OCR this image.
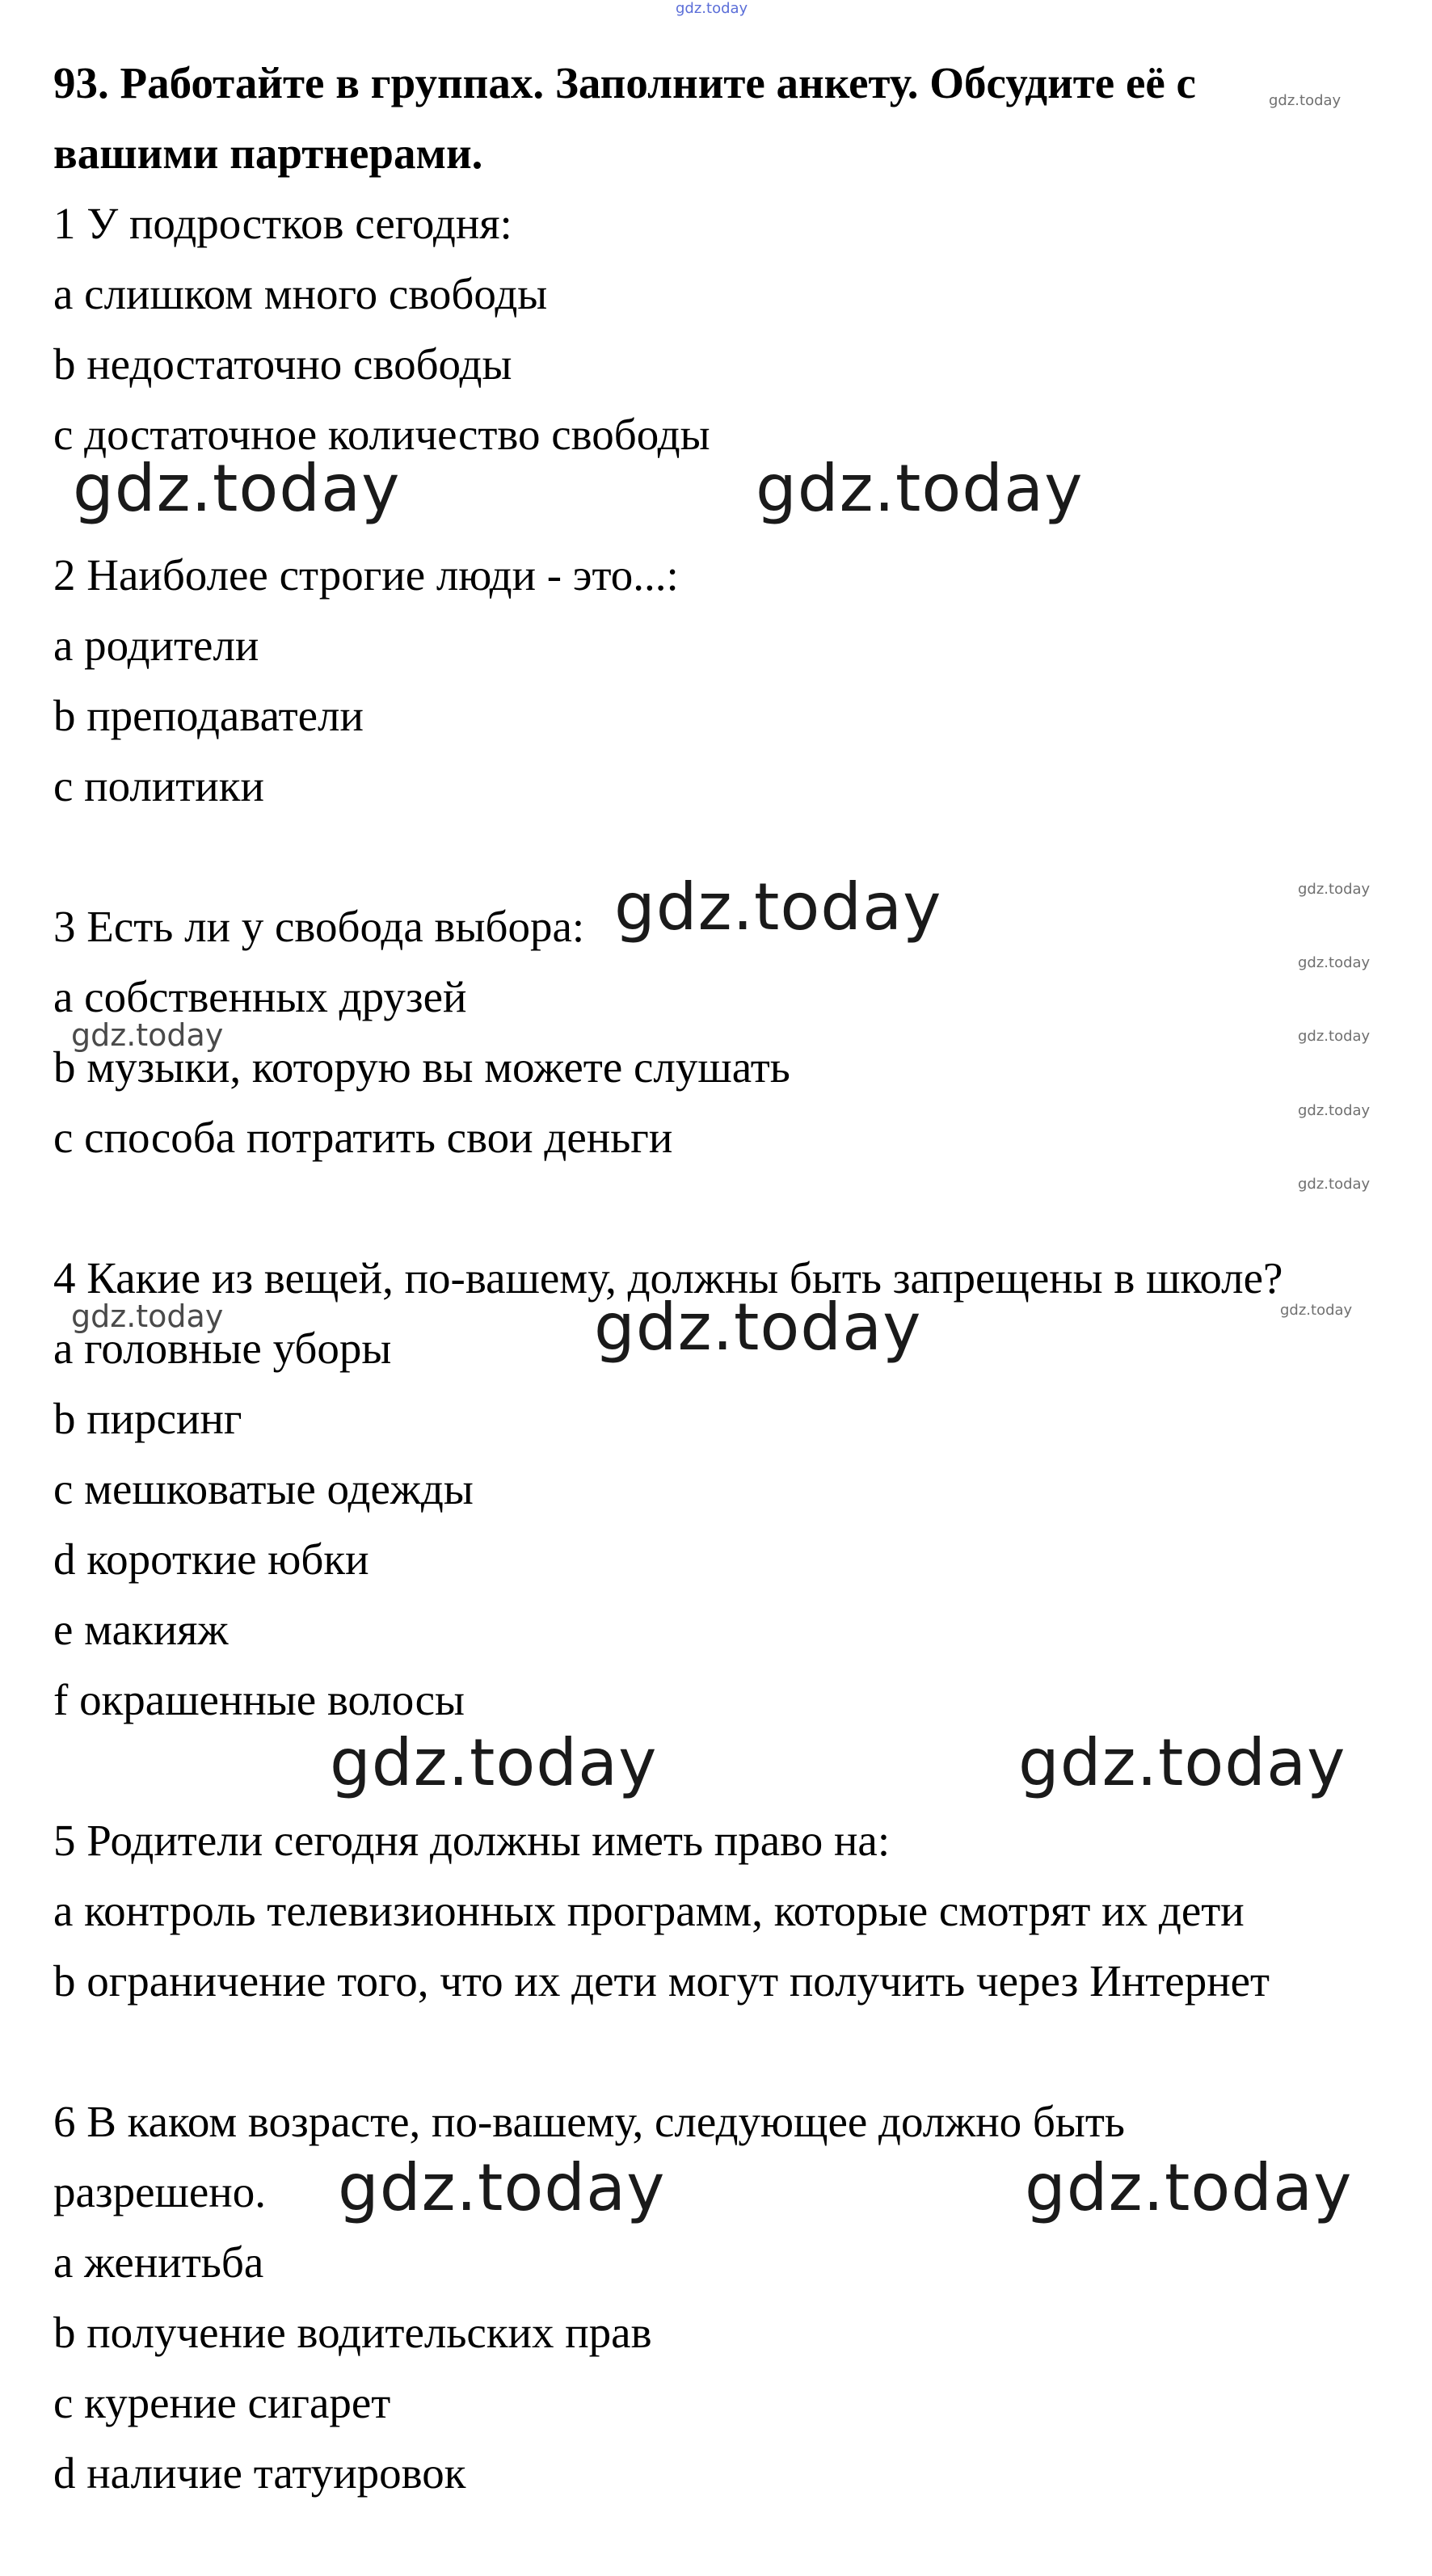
93. Работайте в группах. Заполните анкету. Обсудите её с
вашими партнерами.
1 У подростков сегодня:
а слишком много свободы
b недостаточно свободы
с достаточное количество свободы
2 Наиболее строгие люди - это...:
а родители
b преподаватели
с политики
3 Есть ли у свобода выбора:
а собственных друзей
b музыки, которую вы можете слушать
с способа потратить свои деньги
4 Какие из вещей, по-вашему, должны быть запрещены в школе?
а головные уборы
b пирсинг
с мешковатые одежды
d короткие юбки
е макияж
f окрашенные волосы
5 Родители сегодня должны иметь право на:
а контроль телевизионных программ, которые смотрят их дети
b ограничение того, что их дети могут получить через Интернет
6 В каком возрасте, по-вашему, следующее должно быть
разрешено.
а женитьба
b получение водительских прав
с курение сигарет
d наличие татуировок
gdz.today
gdz.today
gdz.today	gdz.today
gdz.today	gdz.today
gdz.today
gdz.today	gdz.today
gdz.today
gdz.today
gdz.today
gdz.today	gdz.today
gdz.today	gdz.today
gdz.today	gdz.today
